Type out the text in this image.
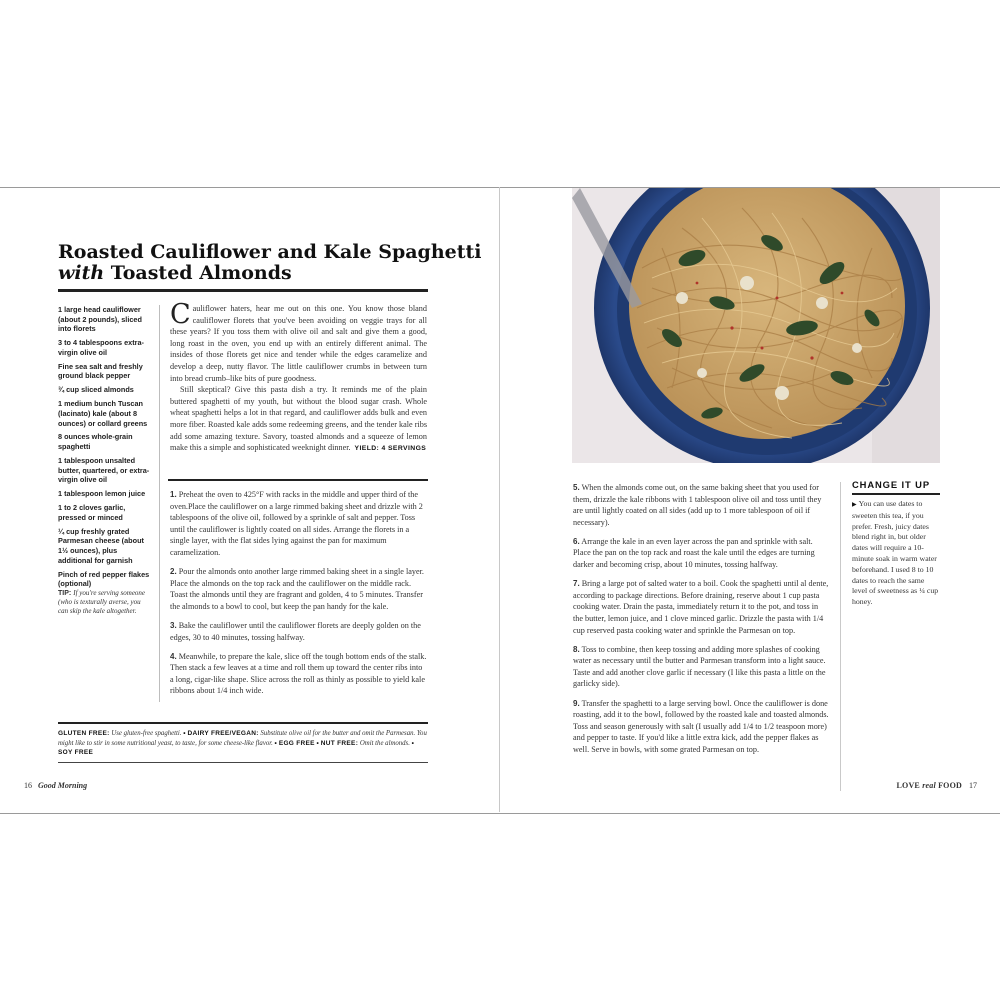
Roasted Cauliflower and Kale Spaghetti
with Toasted Almonds
1 large head cauliflower (about 2 pounds), sliced into florets
3 to 4 tablespoons extra-virgin olive oil
Fine sea salt and freshly ground black pepper
¾ cup sliced almonds
1 medium bunch Tuscan (lacinato) kale (about 8 ounces) or collard greens
8 ounces whole-grain spaghetti
1 tablespoon unsalted butter, quartered, or extra-virgin olive oil
1 tablespoon lemon juice
1 to 2 cloves garlic, pressed or minced
¼ cup freshly grated Parmesan cheese (about 1½ ounces), plus additional for garnish
Pinch of red pepper flakes (optional)
TIP: If you're serving someone (who is texturally averse, you can skip the kale altogether.

Cauliflower haters, hear me out on this one. You know those bland cauliflower florets that you've been avoiding on veggie trays for all these years? If you toss them with olive oil and salt and give them a good, long roast in the oven, you end up with an entirely different animal. The insides of those florets get nice and tender while the edges caramelize and develop a deep, nutty flavor. The little cauliflower crumbs in between turn into bread crumb–like bits of pure goodness.

Still skeptical? Give this pasta dish a try. It reminds me of the plain buttered spaghetti of my youth, but without the blood sugar crash. Whole wheat spaghetti helps a lot in that regard, and cauliflower adds bulk and even more fiber. Roasted kale adds some redeeming greens, and the tender kale ribs add some amazing texture. Savory, toasted almonds and a squeeze of lemon make this a simple and sophisticated weeknight dinner. YIELD: 4 SERVINGS

1. Preheat the oven to 425°F with racks in the middle and upper third of the oven.Place the cauliflower on a large rimmed baking sheet and drizzle with 2 tablespoons of the olive oil, followed by a sprinkle of salt and pepper. Toss until the cauliflower is lightly coated on all sides. Arrange the florets in a single layer, with the flat sides lying against the pan for maximum caramelization.
2. Pour the almonds onto another large rimmed baking sheet in a single layer. Place the almonds on the top rack and the cauliflower on the middle rack. Toast the almonds until they are fragrant and golden, 4 to 5 minutes. Transfer the almonds to a bowl to cool, but keep the pan handy for the kale.
3. Bake the cauliflower until the cauliflower florets are deeply golden on the edges, 30 to 40 minutes, tossing halfway.
4. Meanwhile, to prepare the kale, slice off the tough bottom ends of the stalk. Then stack a few leaves at a time and roll them up toward the center ribs into a long, cigar-like shape. Slice across the roll as thinly as possible to yield kale ribbons about 1/4 inch wide.

GLUTEN FREE: Use gluten-free spaghetti. • DAIRY FREE/VEGAN: Substitute olive oil for the butter and omit the Parmesan. You might like to stir in some nutritional yeast, to taste, for some cheese-like flavor. • EGG FREE • NUT FREE: Omit the almonds. • SOY FREE

16 Good Morning
5. When the almonds come out, on the same baking sheet that you used for them, drizzle the kale ribbons with 1 tablespoon olive oil and toss until they are until lightly coated on all sides (add up to 1 more tablespoon of oil if necessary).
6. Arrange the kale in an even layer across the pan and sprinkle with salt. Place the pan on the top rack and roast the kale until the edges are turning darker and becoming crisp, about 10 minutes, tossing halfway.
7. Bring a large pot of salted water to a boil. Cook the spaghetti until al dente, according to package directions. Before draining, reserve about 1 cup pasta cooking water. Drain the pasta, immediately return it to the pot, and toss in the butter, lemon juice, and 1 clove minced garlic. Drizzle the pasta with 1/4 cup reserved pasta cooking water and sprinkle the Parmesan on top.
8. Toss to combine, then keep tossing and adding more splashes of cooking water as necessary until the butter and Parmesan transform into a light sauce. Taste and add another clove garlic if necessary (I like this pasta a little on the garlicky side).
9. Transfer the spaghetti to a large serving bowl. Once the cauliflower is done roasting, add it to the bowl, followed by the roasted kale and toasted almonds. Toss and season generously with salt (I usually add 1/4 to 1/2 teaspoon more) and pepper to taste. If you'd like a little extra kick, add the pepper flakes as well. Serve in bowls, with some grated Parmesan on top.
CHANGE IT UP
▶ You can use dates to sweeten this tea, if you prefer. Fresh, juicy dates blend right in, but older dates will require a 10-minute soak in warm water beforehand. I used 8 to 10 dates to reach the same level of sweetness as ¼ cup honey.
LOVE real FOOD 17
